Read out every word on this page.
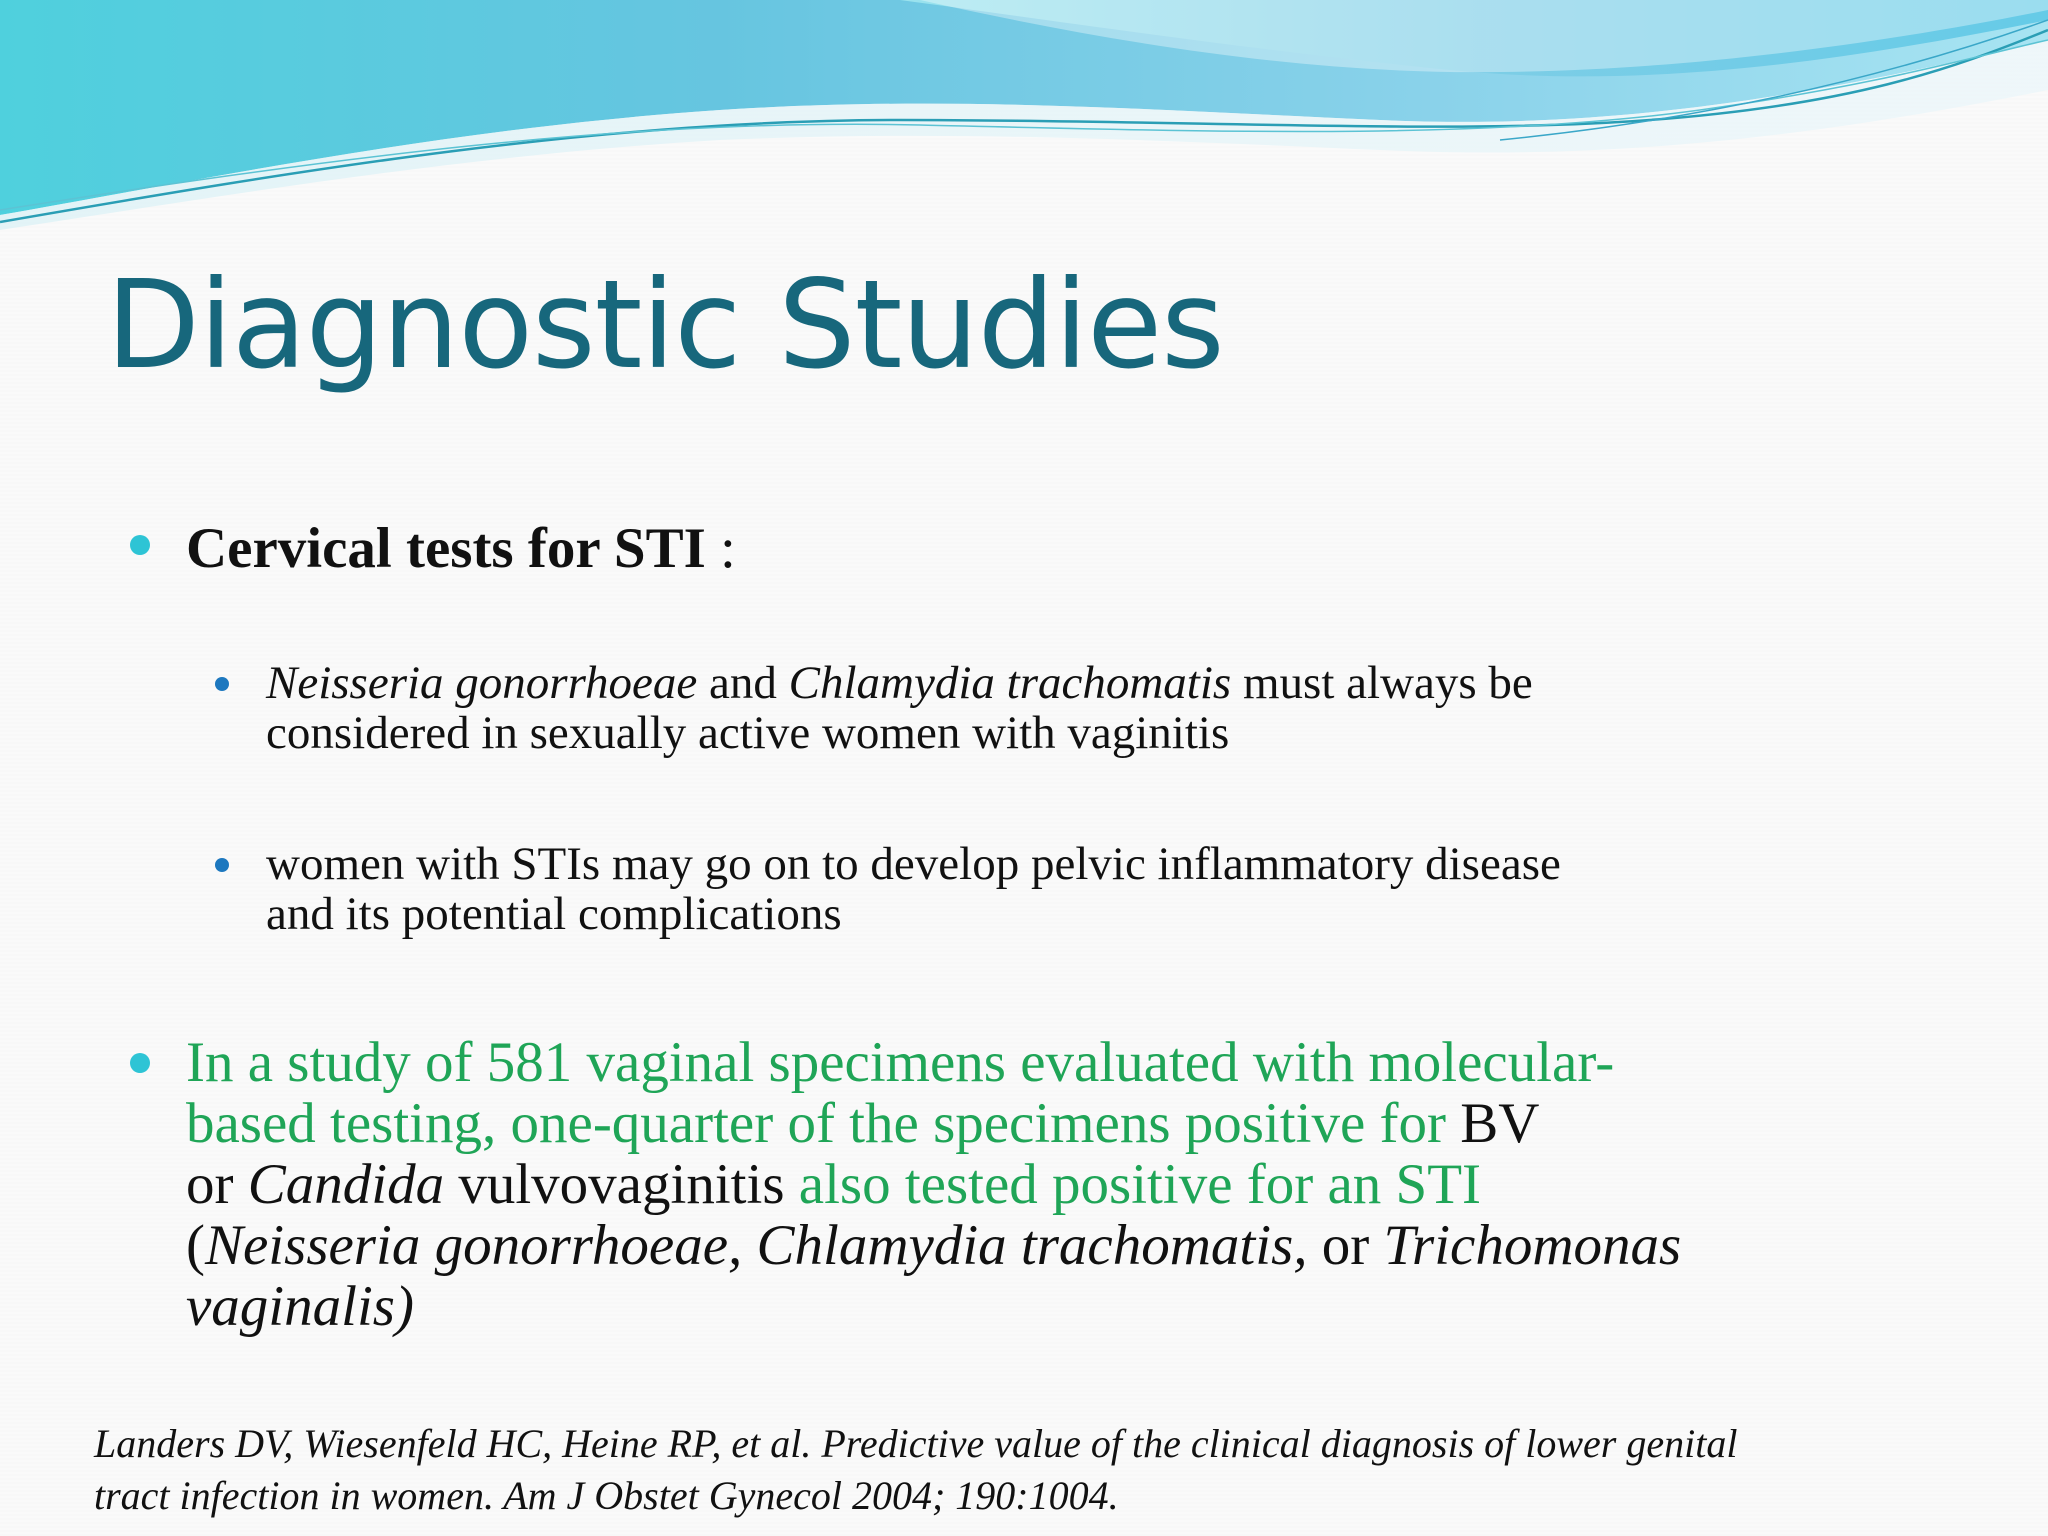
Diagnostic Studies
Cervical tests for STI :
Neisseria gonorrhoeae and Chlamydia trachomatis must always be
considered in sexually active women with vaginitis
women with STIs may go on to develop pelvic inflammatory disease
and its potential complications
In a study of 581 vaginal specimens evaluated with molecular-
based testing, one-quarter of the specimens positive for BV
or Candida vulvovaginitis also tested positive for an STI
(Neisseria gonorrhoeae, Chlamydia trachomatis, or Trichomonas
vaginalis)
Landers DV, Wiesenfeld HC, Heine RP, et al. Predictive value of the clinical diagnosis of lower genital
tract infection in women. Am J Obstet Gynecol 2004; 190:1004.
